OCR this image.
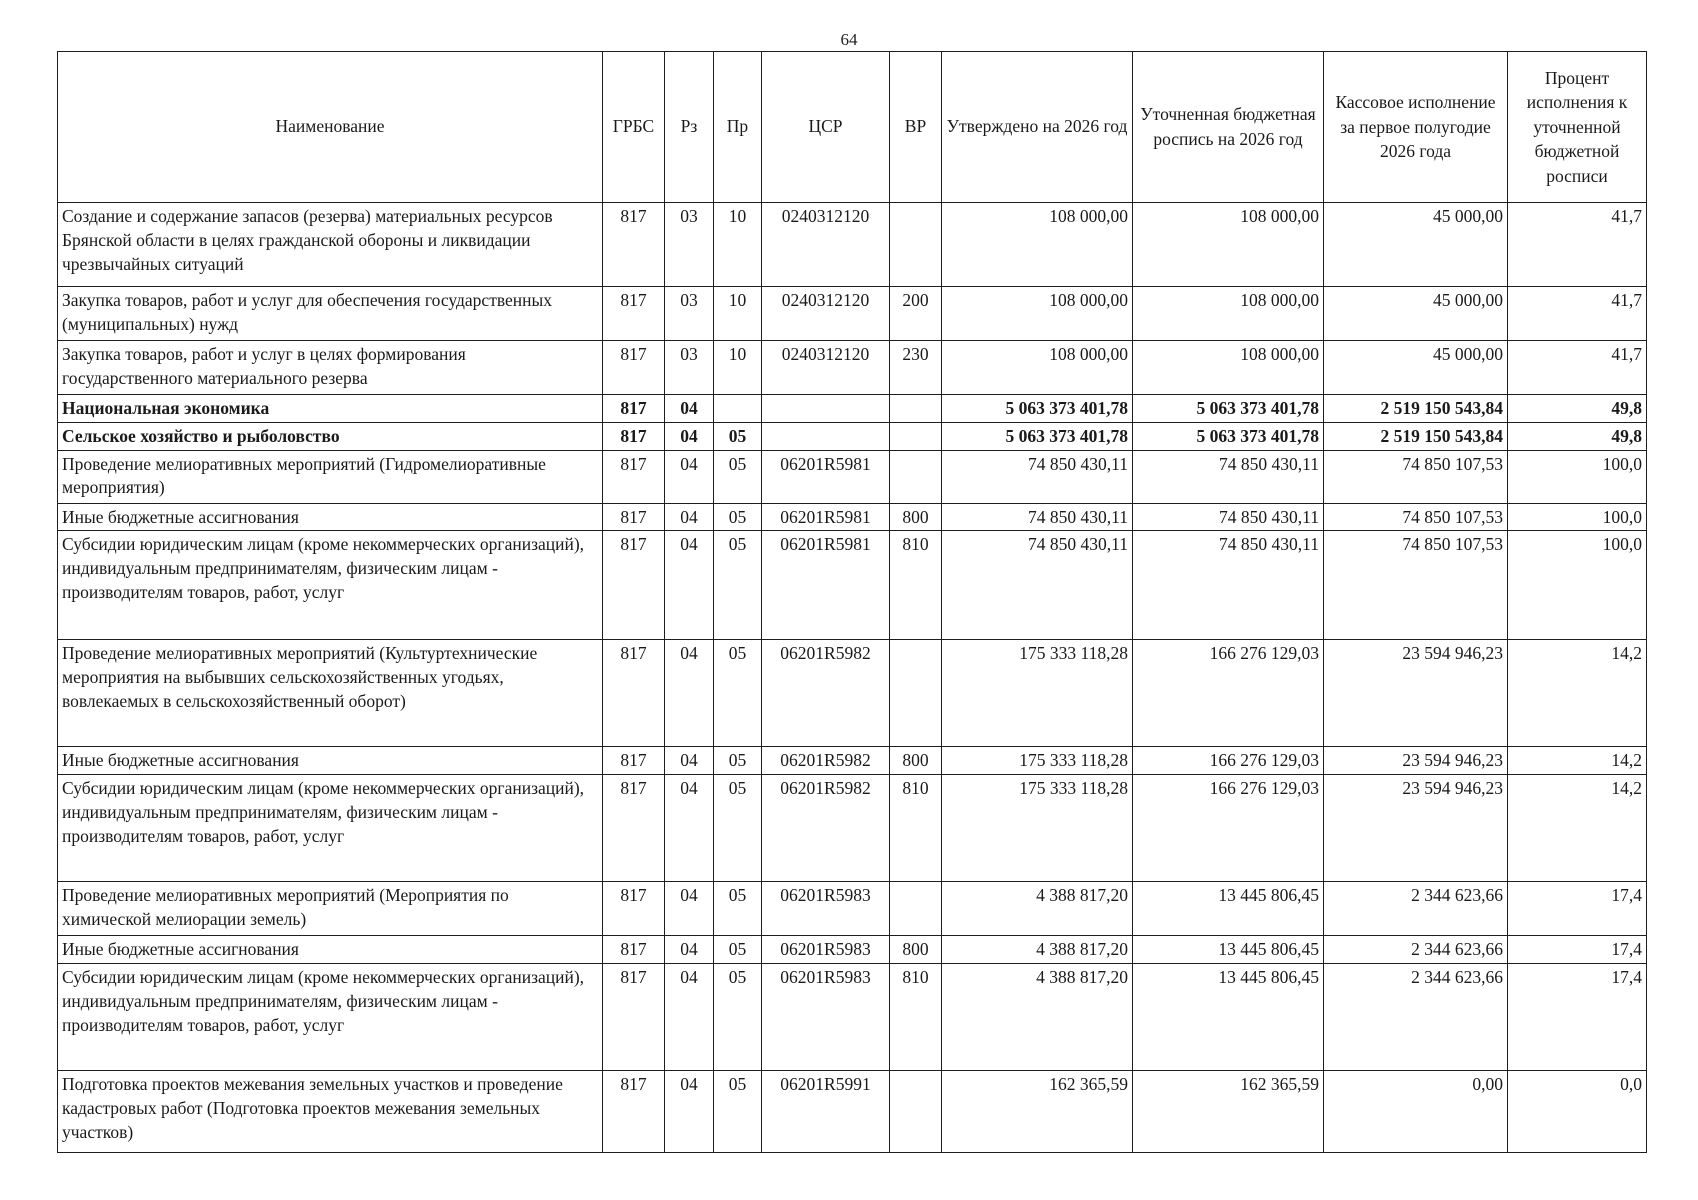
64
Наименование	ГРБС	Рз	Пр	ЦСР	ВР	Утверждено на 2026 год	Уточненная бюджетная роспись на 2026 год	Кассовое исполнение за первое полугодие 2026 года	Процент исполнения к уточненной бюджетной росписи
Создание и содержание запасов (резерва) материальных ресурсов Брянской области в целях гражданской обороны и ликвидации чрезвычайных ситуаций	817	03	10	0240312120		108 000,00	108 000,00	45 000,00	41,7
Закупка товаров, работ и услуг для обеспечения государственных (муниципальных) нужд	817	03	10	0240312120	200	108 000,00	108 000,00	45 000,00	41,7
Закупка товаров, работ и услуг в целях формирования государственного материального резерва	817	03	10	0240312120	230	108 000,00	108 000,00	45 000,00	41,7
Национальная экономика	817	04				5 063 373 401,78	5 063 373 401,78	2 519 150 543,84	49,8
Сельское хозяйство и рыболовство	817	04	05			5 063 373 401,78	5 063 373 401,78	2 519 150 543,84	49,8
Проведение мелиоративных мероприятий (Гидромелиоративные мероприятия)	817	04	05	06201R5981		74 850 430,11	74 850 430,11	74 850 107,53	100,0
Иные бюджетные ассигнования	817	04	05	06201R5981	800	74 850 430,11	74 850 430,11	74 850 107,53	100,0
Субсидии юридическим лицам (кроме некоммерческих организаций), индивидуальным предпринимателям, физическим лицам - производителям товаров, работ, услуг	817	04	05	06201R5981	810	74 850 430,11	74 850 430,11	74 850 107,53	100,0
Проведение мелиоративных мероприятий (Культуртехнические мероприятия на выбывших сельскохозяйственных угодьях, вовлекаемых в сельскохозяйственный оборот)	817	04	05	06201R5982		175 333 118,28	166 276 129,03	23 594 946,23	14,2
Иные бюджетные ассигнования	817	04	05	06201R5982	800	175 333 118,28	166 276 129,03	23 594 946,23	14,2
Субсидии юридическим лицам (кроме некоммерческих организаций), индивидуальным предпринимателям, физическим лицам - производителям товаров, работ, услуг	817	04	05	06201R5982	810	175 333 118,28	166 276 129,03	23 594 946,23	14,2
Проведение мелиоративных мероприятий (Мероприятия по химической мелиорации земель)	817	04	05	06201R5983		4 388 817,20	13 445 806,45	2 344 623,66	17,4
Иные бюджетные ассигнования	817	04	05	06201R5983	800	4 388 817,20	13 445 806,45	2 344 623,66	17,4
Субсидии юридическим лицам (кроме некоммерческих организаций), индивидуальным предпринимателям, физическим лицам - производителям товаров, работ, услуг	817	04	05	06201R5983	810	4 388 817,20	13 445 806,45	2 344 623,66	17,4
Подготовка проектов межевания земельных участков и проведение кадастровых работ (Подготовка проектов межевания земельных участков)	817	04	05	06201R5991		162 365,59	162 365,59	0,00	0,0
